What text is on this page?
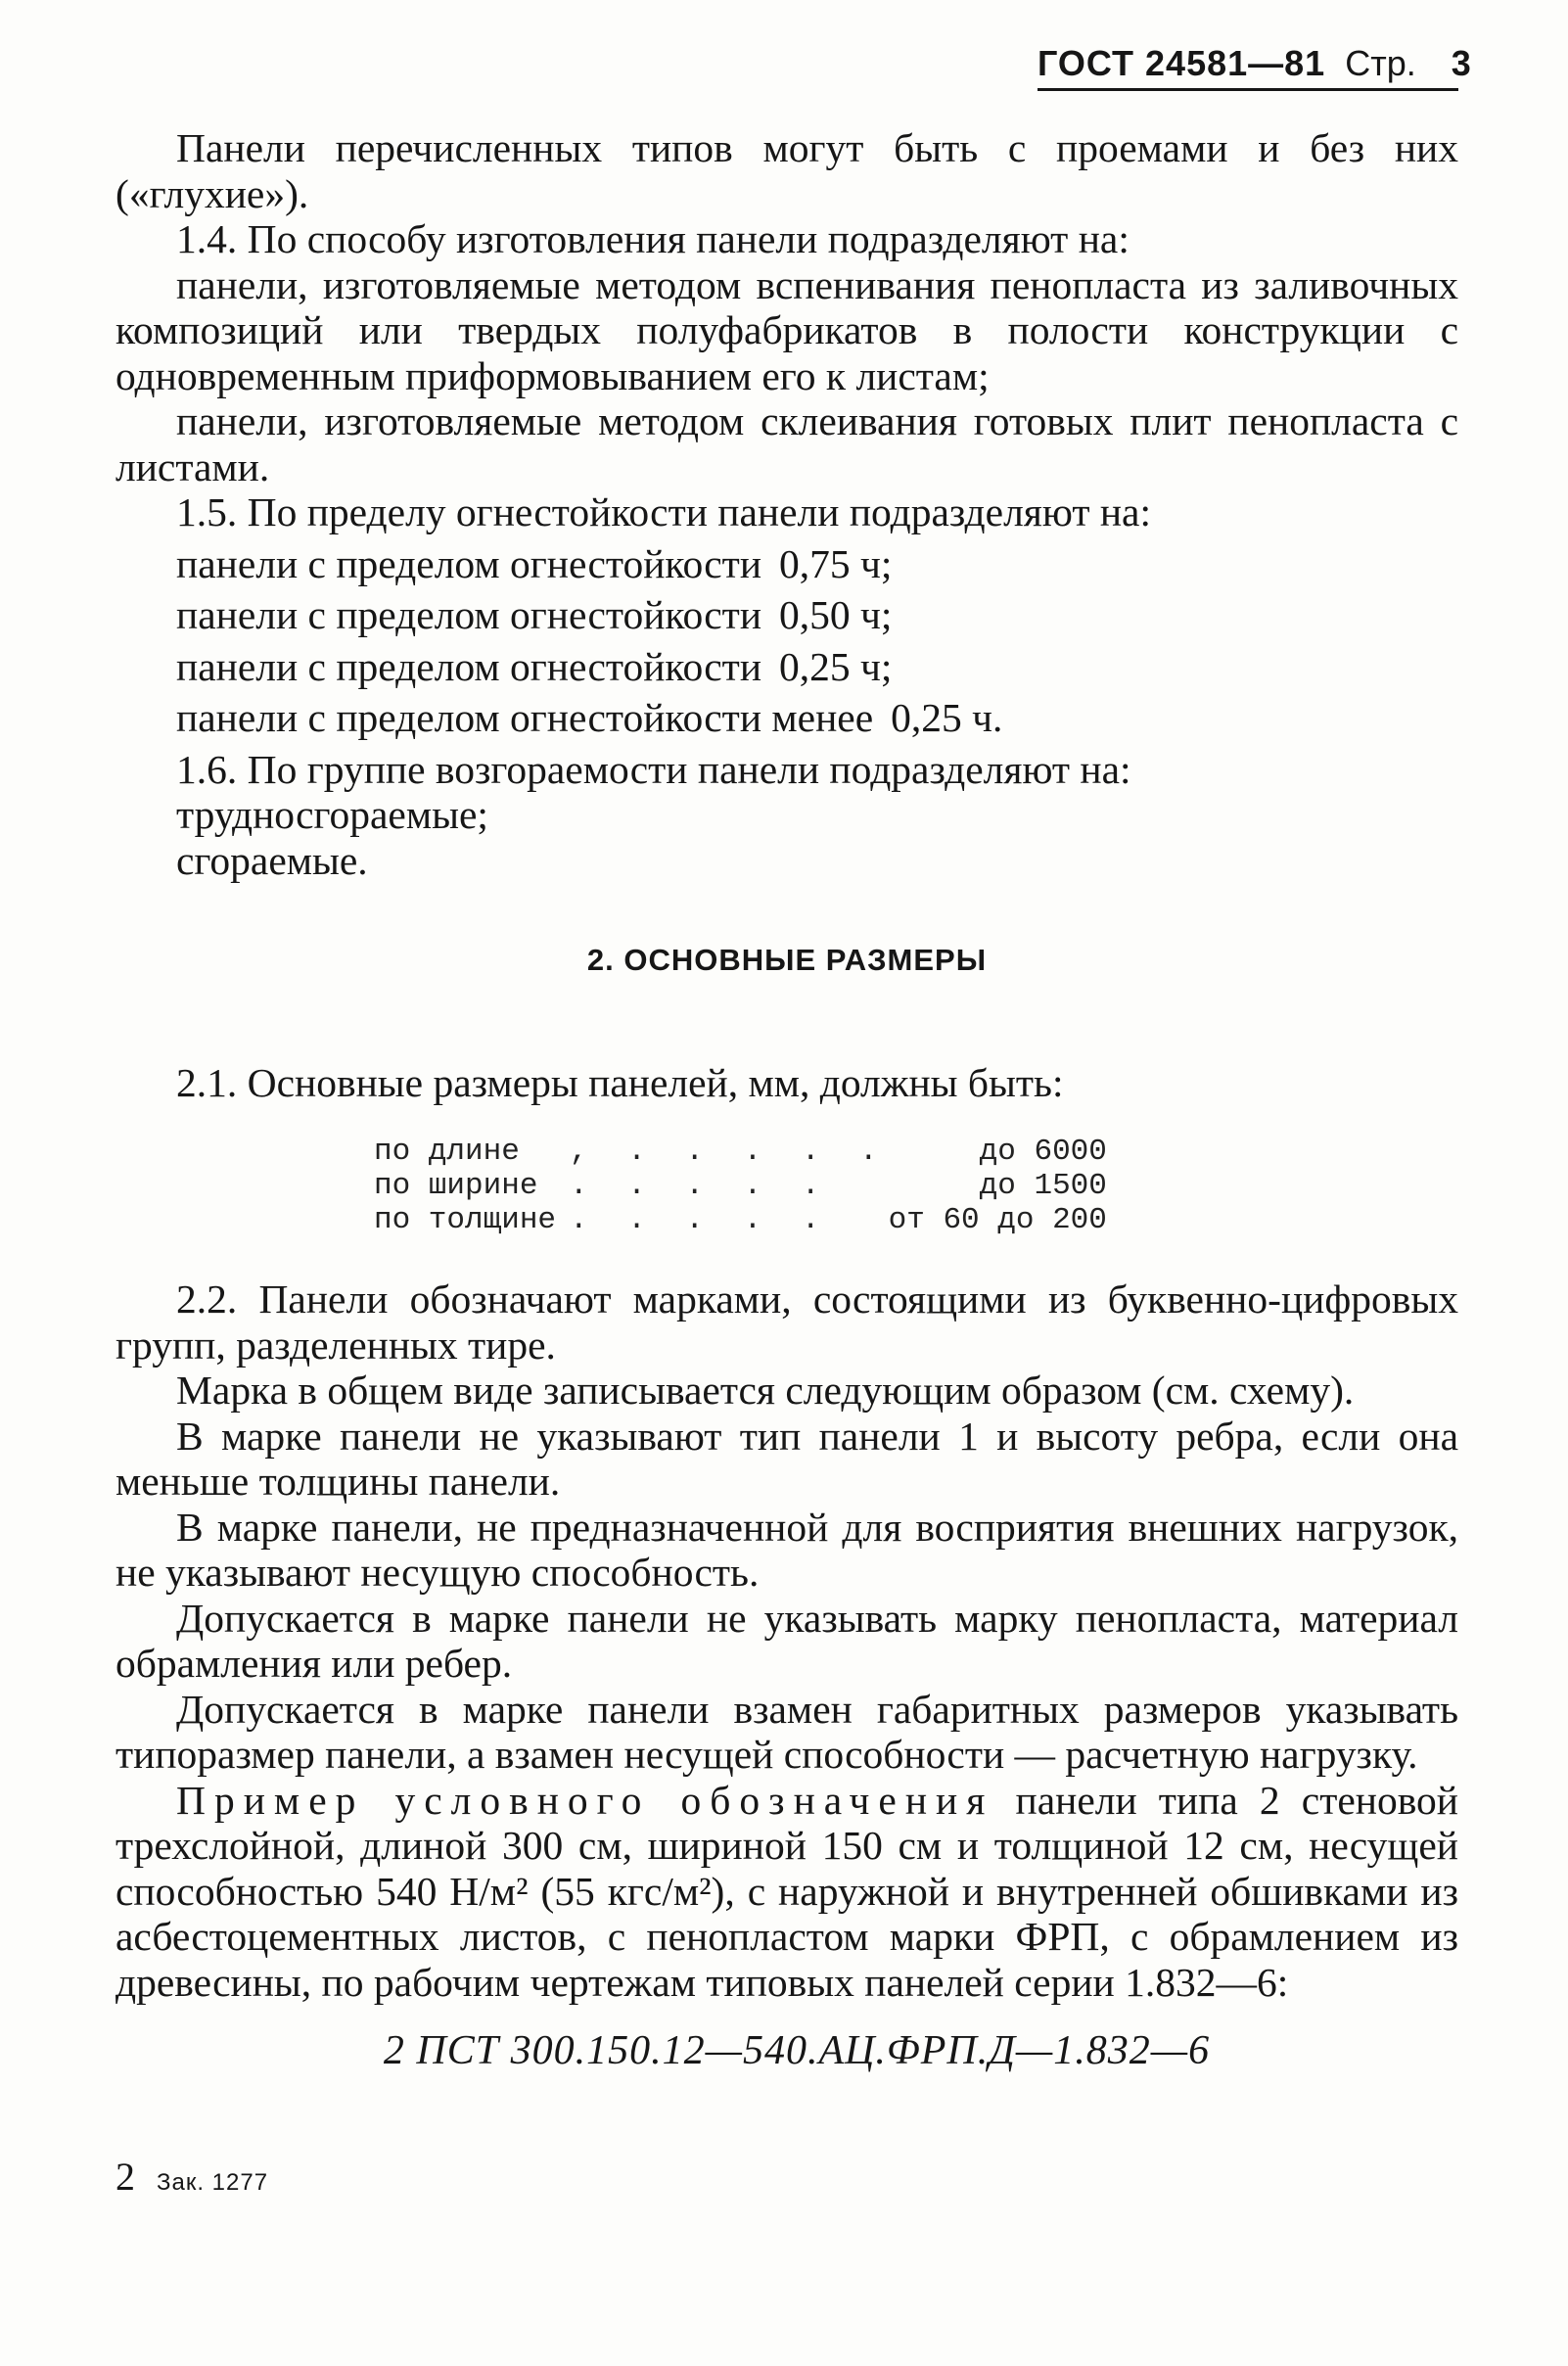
ГОСТ 24581—81 Стр. 3

Панели перечисленных типов могут быть с проемами и без них («глухие»).

1.4. По способу изготовления панели подразделяют на:

панели, изготовляемые методом вспенивания пенопласта из заливочных композиций или твердых полуфабрикатов в полости конструкции с одновременным приформовыванием его к листам;

панели, изготовляемые методом склеивания готовых плит пенопласта с листами.

1.5. По пределу огнестойкости панели подразделяют на:

панели с пределом огнестойкости 0,75 ч;

панели с пределом огнестойкости 0,50 ч;

панели с пределом огнестойкости 0,25 ч;

панели с пределом огнестойкости менее 0,25 ч.

1.6. По группе возгораемости панели подразделяют на:

трудносгораемые;

сгораемые.

2. ОСНОВНЫЕ РАЗМЕРЫ

2.1. Основные размеры панелей, мм, должны быть:

по длине	, . . . . .	до 6000
по ширине	. . . . .	до 1500
по толщине	. . . . .	от 60 до 200

2.2. Панели обозначают марками, состоящими из буквенно-цифровых групп, разделенных тире.

Марка в общем виде записывается следующим образом (см. схему).

В марке панели не указывают тип панели 1 и высоту ребра, если она меньше толщины панели.

В марке панели, не предназначенной для восприятия внешних нагрузок, не указывают несущую способность.

Допускается в марке панели не указывать марку пенопласта, материал обрамления или ребер.

Допускается в марке панели взамен габаритных размеров указывать типоразмер панели, а взамен несущей способности — расчетную нагрузку.

Пример условного обозначения панели типа 2 стеновой трехслойной, длиной 300 см, шириной 150 см и толщиной 12 см, несущей способностью 540 Н/м² (55 кгс/м²), с наружной и внутренней обшивками из асбестоцементных листов, с пенопластом марки ФРП, с обрамлением из древесины, по рабочим чертежам типовых панелей серии 1.832—6:

2 ПСТ 300.150.12—540.АЦ.ФРП.Д—1.832—6
2 Зак. 1277
